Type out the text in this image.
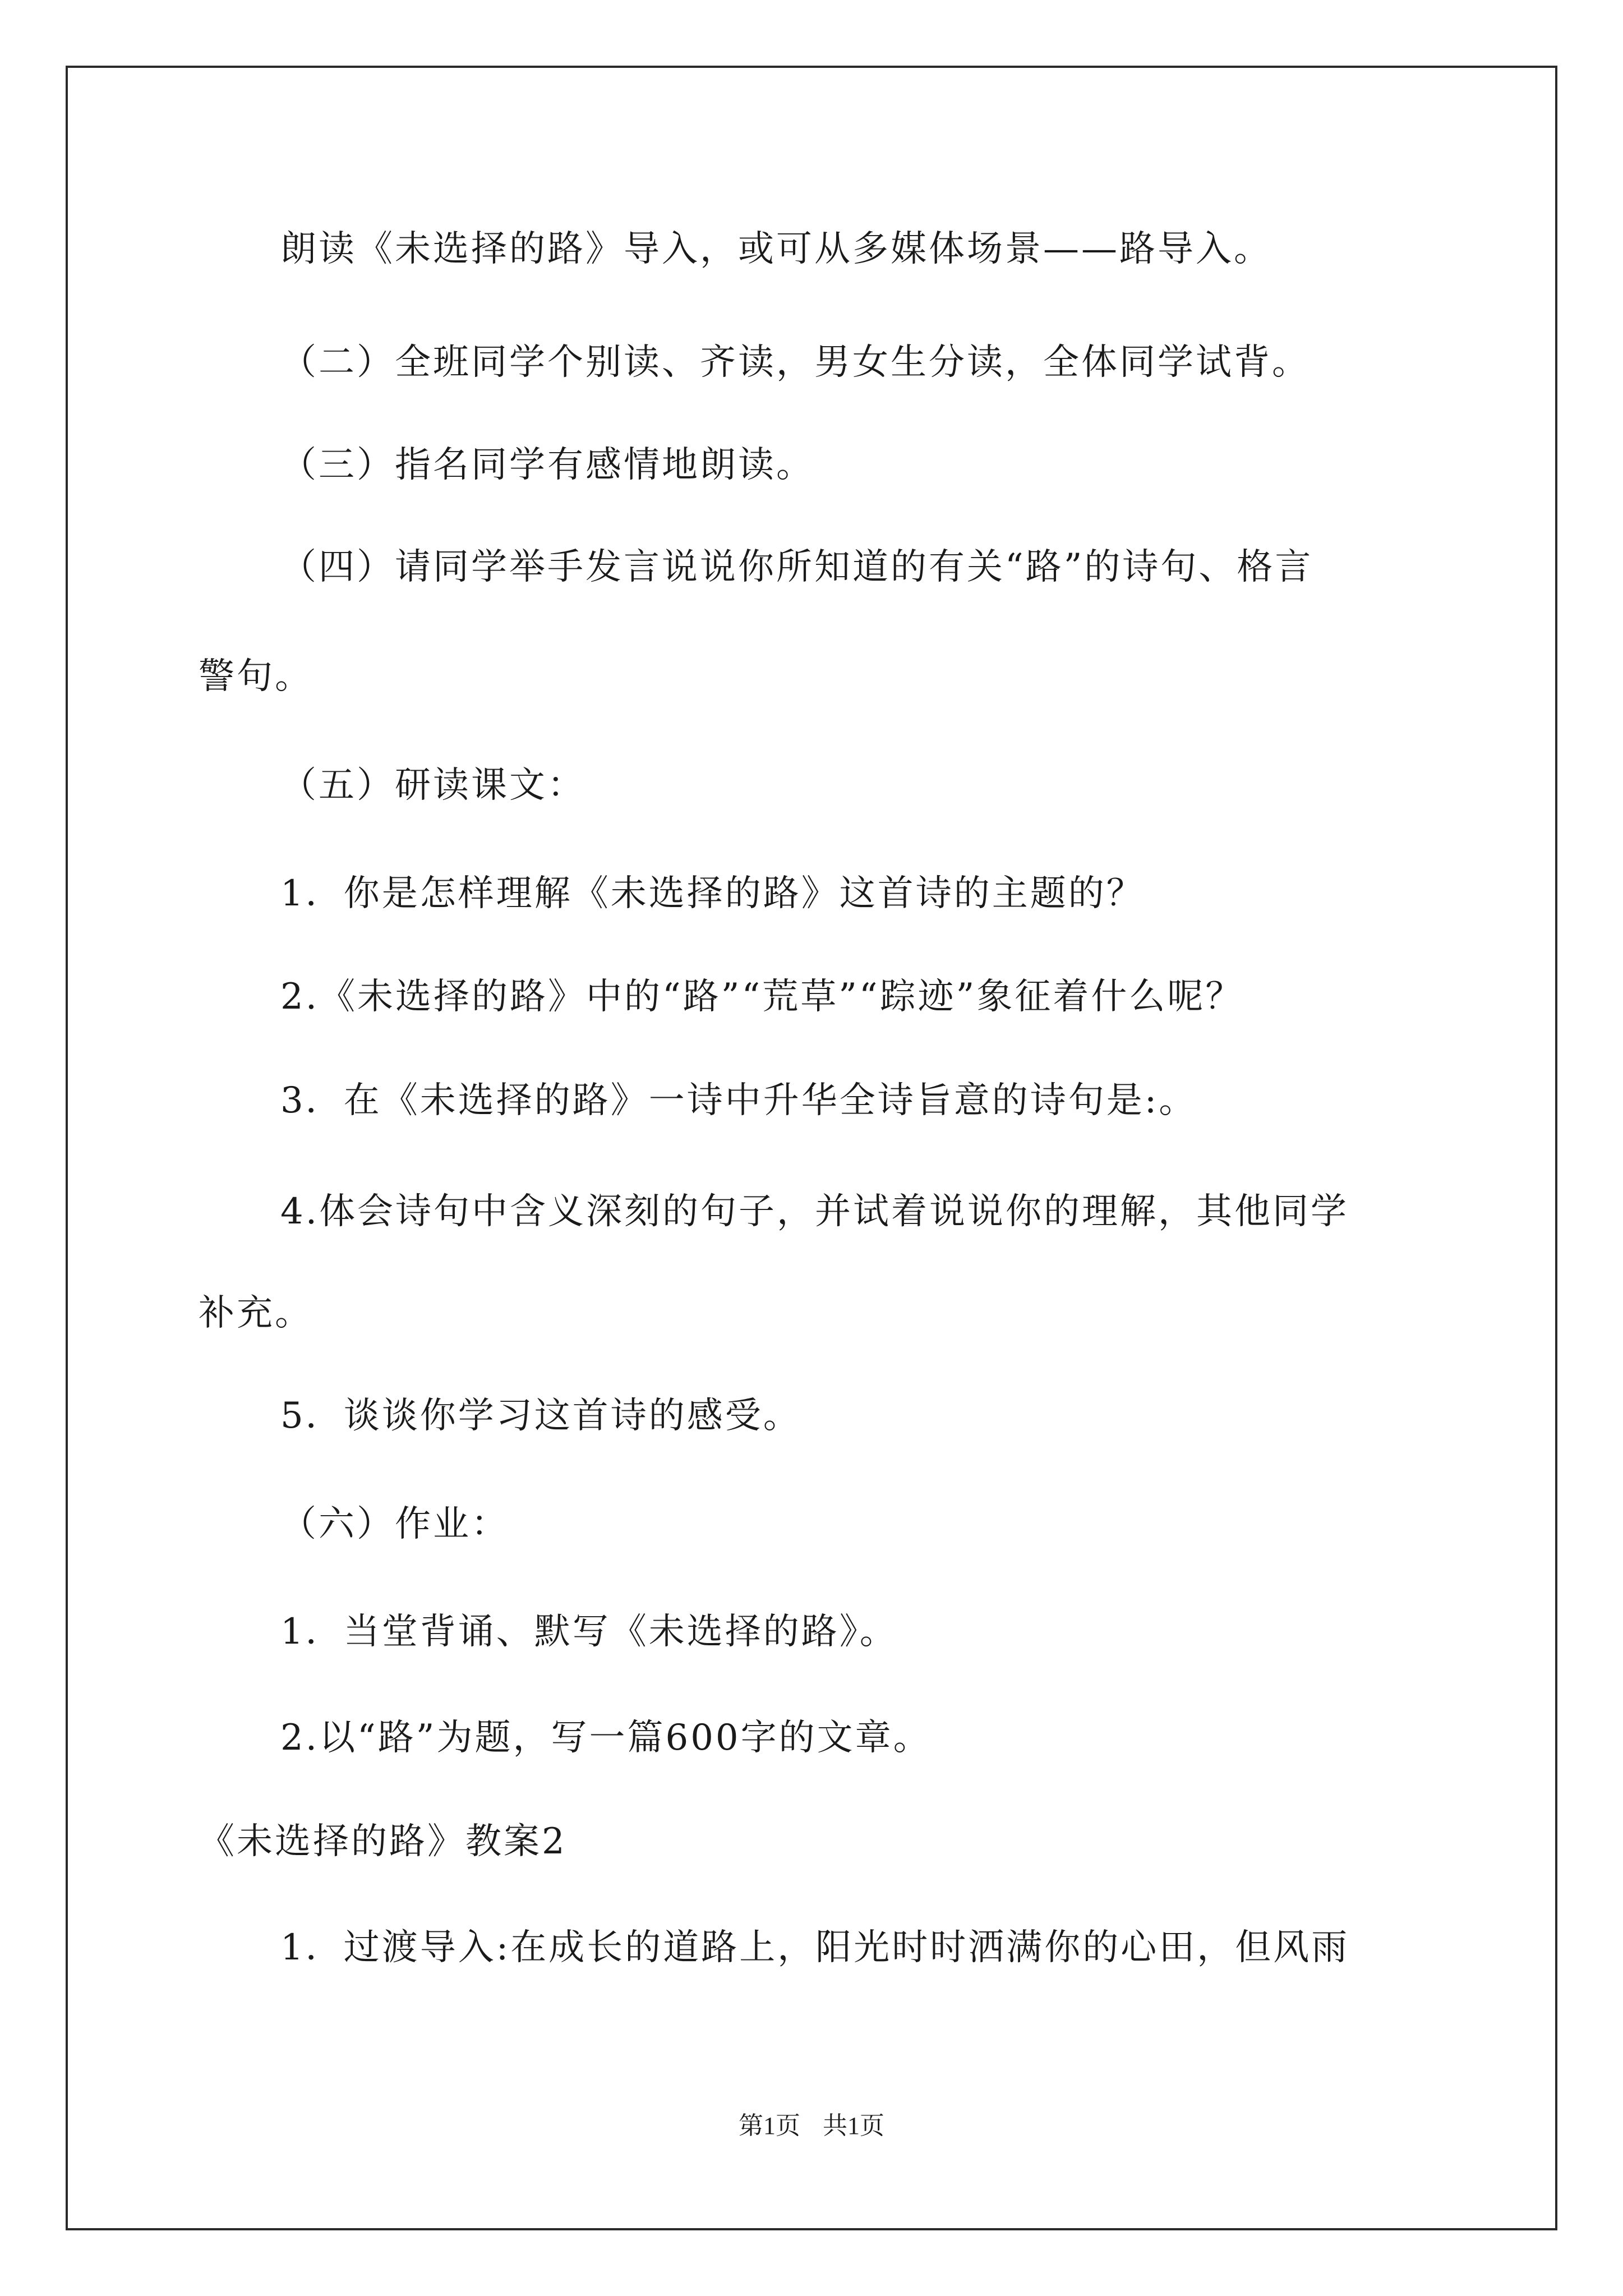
朗读《未选择的路》导入，或可从多媒体场景——路导入。
（二）全班同学个别读、齐读，男女生分读，全体同学试背。
（三）指名同学有感情地朗读。
（四）请同学举手发言说说你所知道的有关“路”的诗句、格言
警句。
（五）研读课文：
1．你是怎样理解《未选择的路》这首诗的主题的？
2.《未选择的路》中的“路”“荒草”“踪迹”象征着什么呢？
3．在《未选择的路》一诗中升华全诗旨意的诗句是:。
4.体会诗句中含义深刻的句子，并试着说说你的理解，其他同学
补充。
5．谈谈你学习这首诗的感受。
（六）作业：
1．当堂背诵、默写《未选择的路》。
2.以“路”为题，写一篇600字的文章。
《未选择的路》教案2
1．过渡导入:在成长的道路上，阳光时时洒满你的心田，但风雨
第1页 共1页
